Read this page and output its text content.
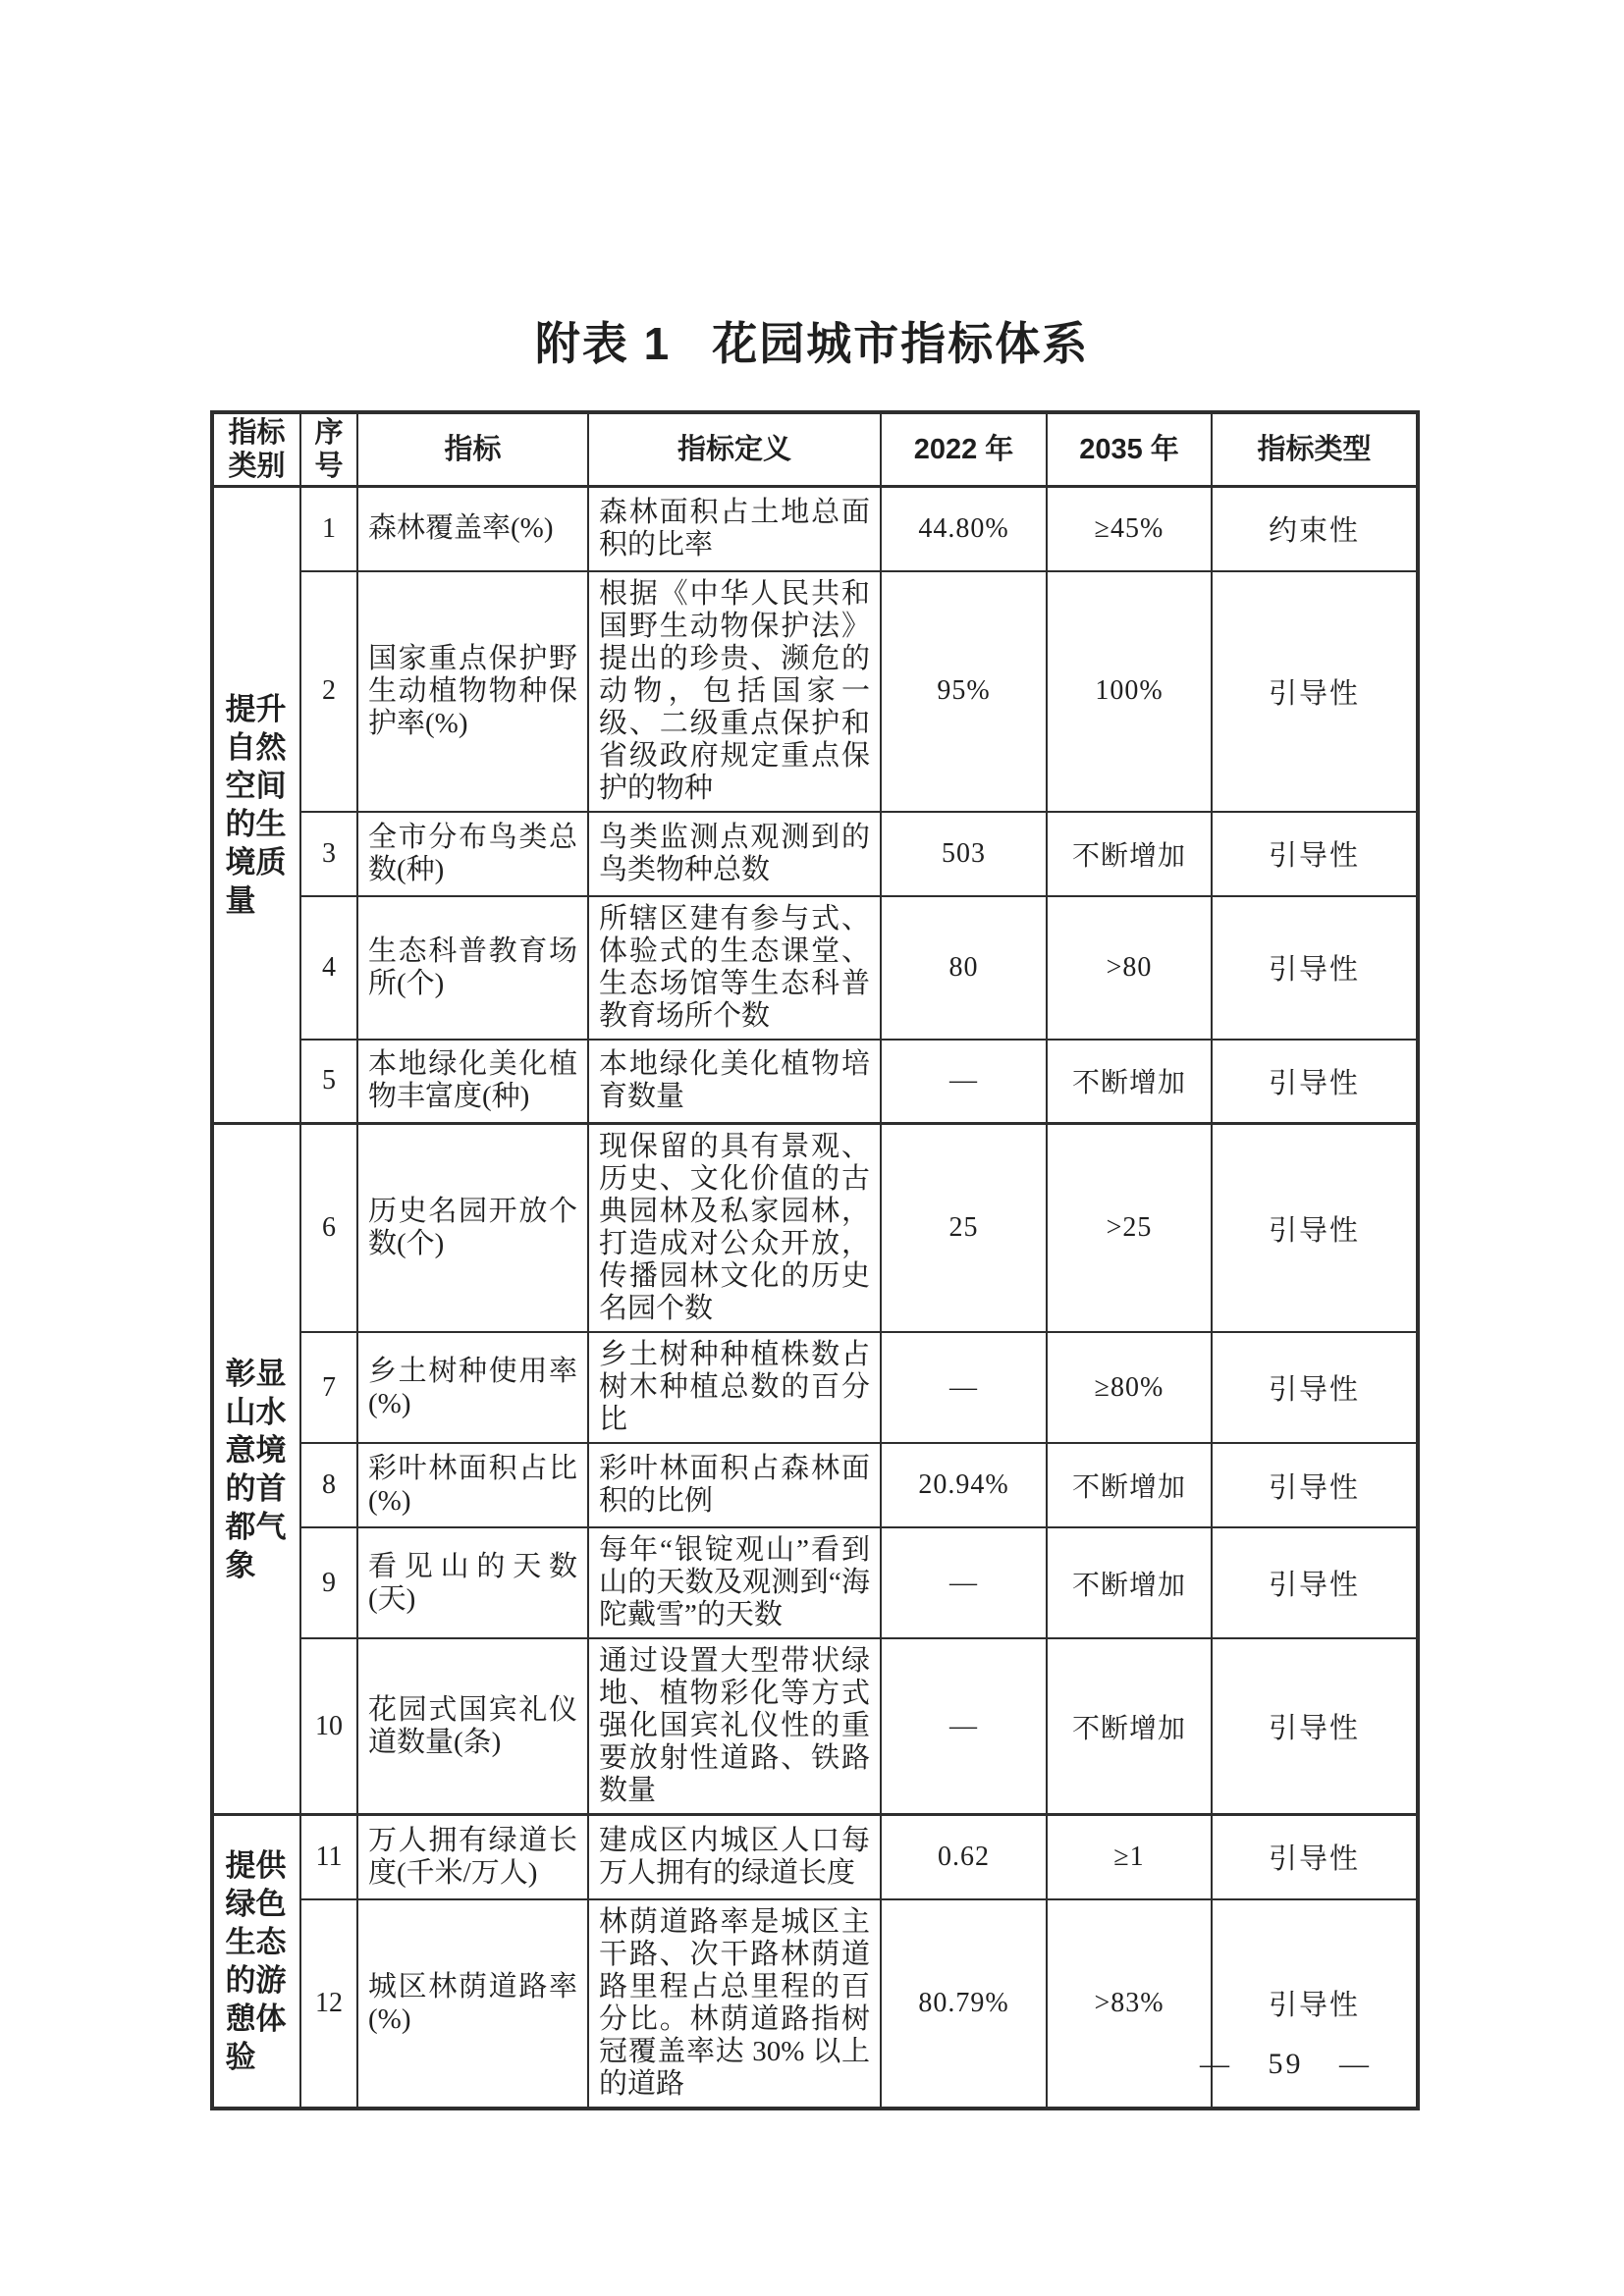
附表 1 花园城市指标体系
指标类别	序号	指标	指标定义	2022 年	2035 年	指标类型

提升自然空间的生境质量	1	森林覆盖率(%)	森林面积占土地总面积的比率	44.80%	≥45%	约束性
	2	国家重点保护野生动植物物种保护率(%)	根据《中华人民共和国野生动物保护法》提出的珍贵、濒危的动物，包括国家一级、二级重点保护和省级政府规定重点保护的物种	95%	100%	引导性
	3	全市分布鸟类总数(种)	鸟类监测点观测到的鸟类物种总数	503	不断增加	引导性
	4	生态科普教育场所(个)	所辖区建有参与式、体验式的生态课堂、生态场馆等生态科普教育场所个数	80	>80	引导性
	5	本地绿化美化植物丰富度(种)	本地绿化美化植物培育数量	—	不断增加	引导性

彰显山水意境的首都气象	6	历史名园开放个数(个)	现保留的具有景观、历史、文化价值的古典园林及私家园林，打造成对公众开放，传播园林文化的历史名园个数	25	>25	引导性
	7	乡土树种使用率(%)	乡土树种种植株数占树木种植总数的百分比	—	≥80%	引导性
	8	彩叶林面积占比(%)	彩叶林面积占森林面积的比例	20.94%	不断增加	引导性
	9	看见山的天数(天)	每年“银锭观山”看到山的天数及观测到“海陀戴雪”的天数	—	不断增加	引导性
	10	花园式国宾礼仪道数量(条)	通过设置大型带状绿地、植物彩化等方式强化国宾礼仪性的重要放射性道路、铁路数量	—	不断增加	引导性

提供绿色生态的游憩体验	11	万人拥有绿道长度(千米/万人)	建成区内城区人口每万人拥有的绿道长度	0.62	≥1	引导性
	12	城区林荫道路率(%)	林荫道路率是城区主干路、次干路林荫道路里程占总里程的百分比。林荫道路指树冠覆盖率达 30% 以上的道路	80.79%	>83%	引导性
— 59 —
